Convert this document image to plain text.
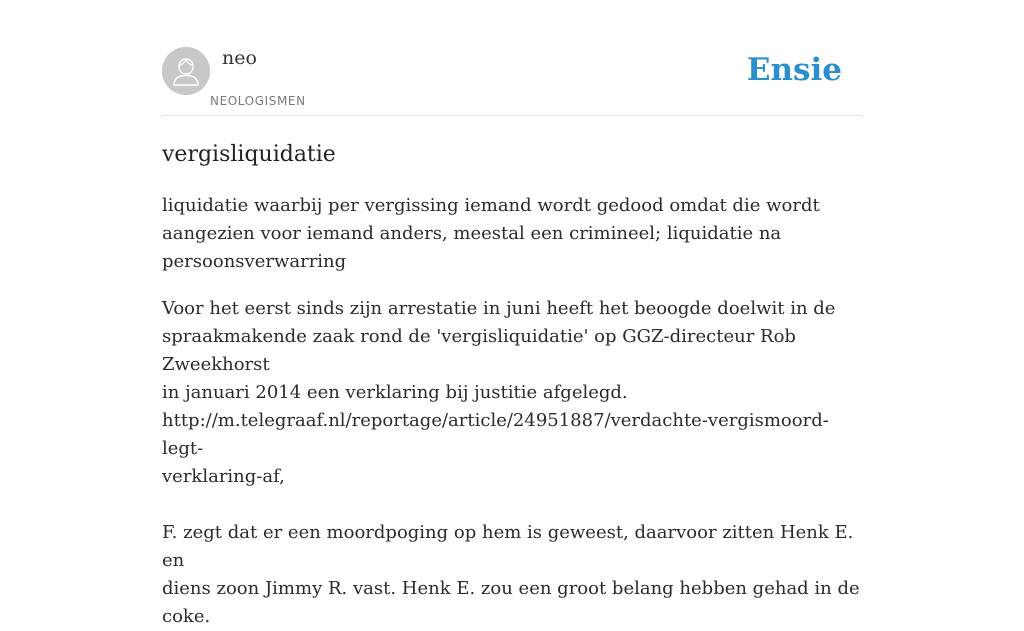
neo
NEOLOGISMEN
Ensie
vergisliquidatie

liquidatie waarbij per vergissing iemand wordt gedood omdat die wordt
aangezien voor iemand anders, meestal een crimineel; liquidatie na
persoonsverwarring

Voor het eerst sinds zijn arrestatie in juni heeft het beoogde doelwit in de
spraakmakende zaak rond de 'vergisliquidatie' op GGZ-directeur Rob Zweekhorst
in januari 2014 een verklaring bij justitie afgelegd.
http://m.telegraaf.nl/reportage/article/24951887/verdachte-vergismoord-legt-
verklaring-af,

F. zegt dat er een moordpoging op hem is geweest, daarvoor zitten Henk E. en
diens zoon Jimmy R. vast. Henk E. zou een groot belang hebben gehad in de coke.
